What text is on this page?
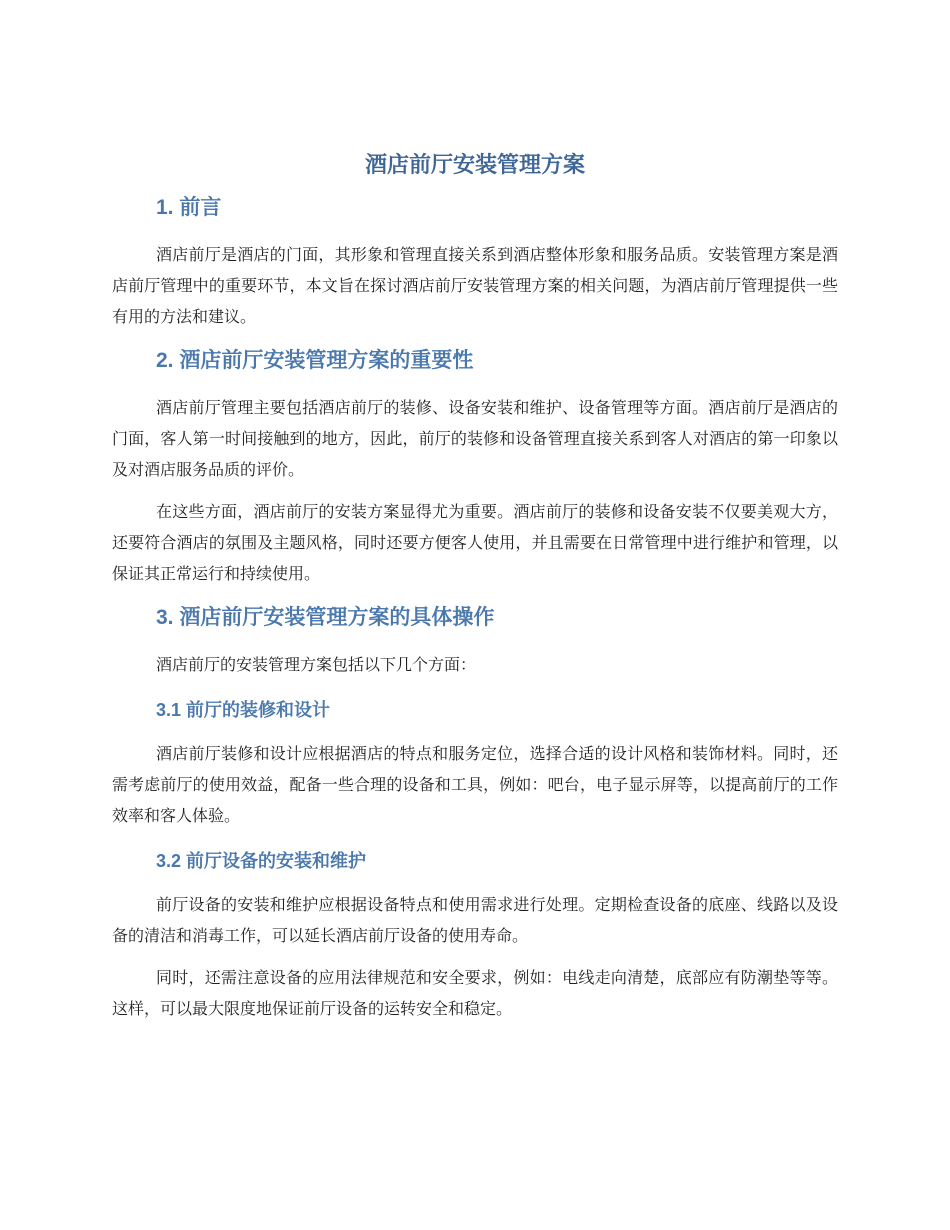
酒店前厅安装管理方案
1. 前言

酒店前厅是酒店的门面，其形象和管理直接关系到酒店整体形象和服务品质。安装管理方案是酒店前厅管理中的重要环节，本文旨在探讨酒店前厅安装管理方案的相关问题，为酒店前厅管理提供一些有用的方法和建议。

2. 酒店前厅安装管理方案的重要性

酒店前厅管理主要包括酒店前厅的装修、设备安装和维护、设备管理等方面。酒店前厅是酒店的门面，客人第一时间接触到的地方，因此，前厅的装修和设备管理直接关系到客人对酒店的第一印象以及对酒店服务品质的评价。

在这些方面，酒店前厅的安装方案显得尤为重要。酒店前厅的装修和设备安装不仅要美观大方，还要符合酒店的氛围及主题风格，同时还要方便客人使用，并且需要在日常管理中进行维护和管理，以保证其正常运行和持续使用。

3. 酒店前厅安装管理方案的具体操作

酒店前厅的安装管理方案包括以下几个方面：

3.1 前厅的装修和设计

酒店前厅装修和设计应根据酒店的特点和服务定位，选择合适的设计风格和装饰材料。同时，还需考虑前厅的使用效益，配备一些合理的设备和工具，例如：吧台，电子显示屏等，以提高前厅的工作效率和客人体验。

3.2 前厅设备的安装和维护

前厅设备的安装和维护应根据设备特点和使用需求进行处理。定期检查设备的底座、线路以及设备的清洁和消毒工作，可以延长酒店前厅设备的使用寿命。

同时，还需注意设备的应用法律规范和安全要求，例如：电线走向清楚，底部应有防潮垫等等。这样，可以最大限度地保证前厅设备的运转安全和稳定。
